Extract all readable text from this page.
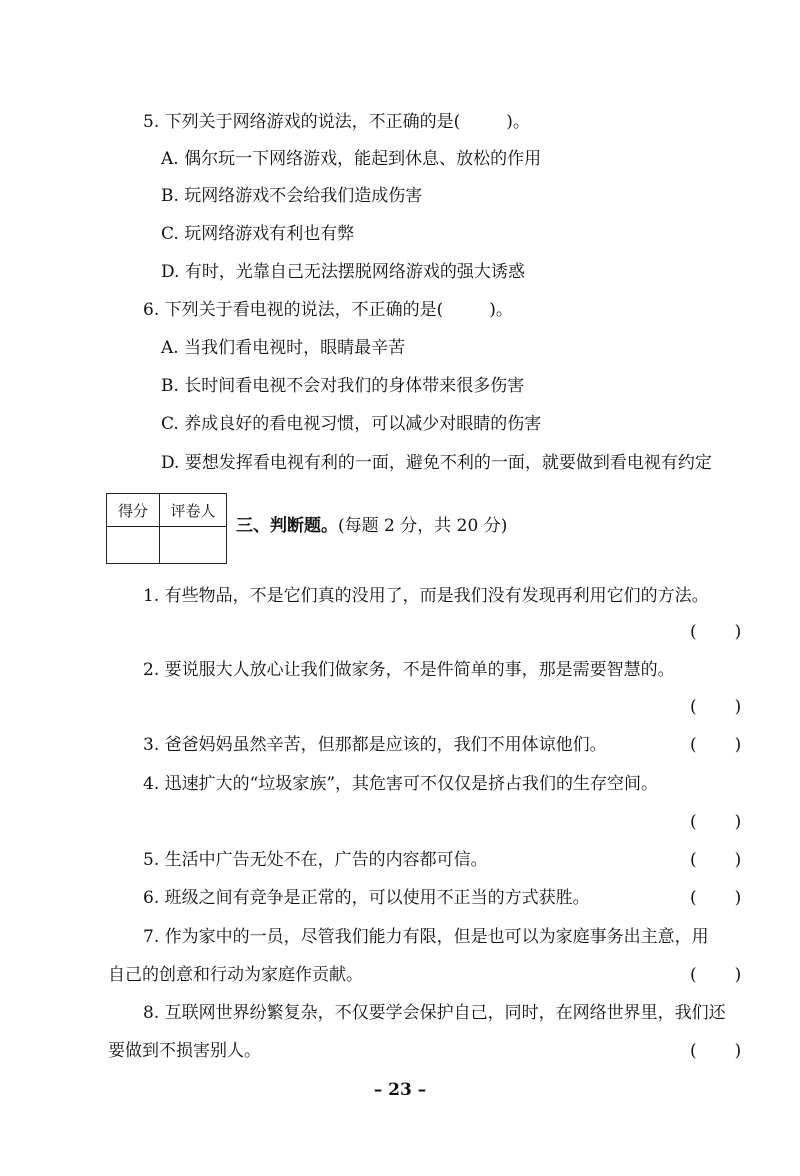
5. 下列关于网络游戏的说法，不正确的是(	)。
A. 偶尔玩一下网络游戏，能起到休息、放松的作用
B. 玩网络游戏不会给我们造成伤害
C. 玩网络游戏有利也有弊
D. 有时，光靠自己无法摆脱网络游戏的强大诱惑
6. 下列关于看电视的说法，不正确的是(	)。
A. 当我们看电视时，眼睛最辛苦
B. 长时间看电视不会对我们的身体带来很多伤害
C. 养成良好的看电视习惯，可以减少对眼睛的伤害
D. 要想发挥看电视有利的一面，避免不利的一面，就要做到看电视有约定
得分	评卷人

三、判断题。(每题 2 分，共 20 分)
1. 有些物品，不是它们真的没用了，而是我们没有发现再利用它们的方法。
( )
2. 要说服大人放心让我们做家务，不是件简单的事，那是需要智慧的。
( )
3. 爸爸妈妈虽然辛苦，但那都是应该的，我们不用体谅他们。	( )
4. 迅速扩大的“垃圾家族”，其危害可不仅仅是挤占我们的生存空间。
( )
5. 生活中广告无处不在，广告的内容都可信。	( )
6. 班级之间有竞争是正常的，可以使用不正当的方式获胜。	( )
7. 作为家中的一员，尽管我们能力有限，但是也可以为家庭事务出主意，用
自己的创意和行动为家庭作贡献。	( )
8. 互联网世界纷繁复杂，不仅要学会保护自己，同时，在网络世界里，我们还
要做到不损害别人。	( )
– 23 –
